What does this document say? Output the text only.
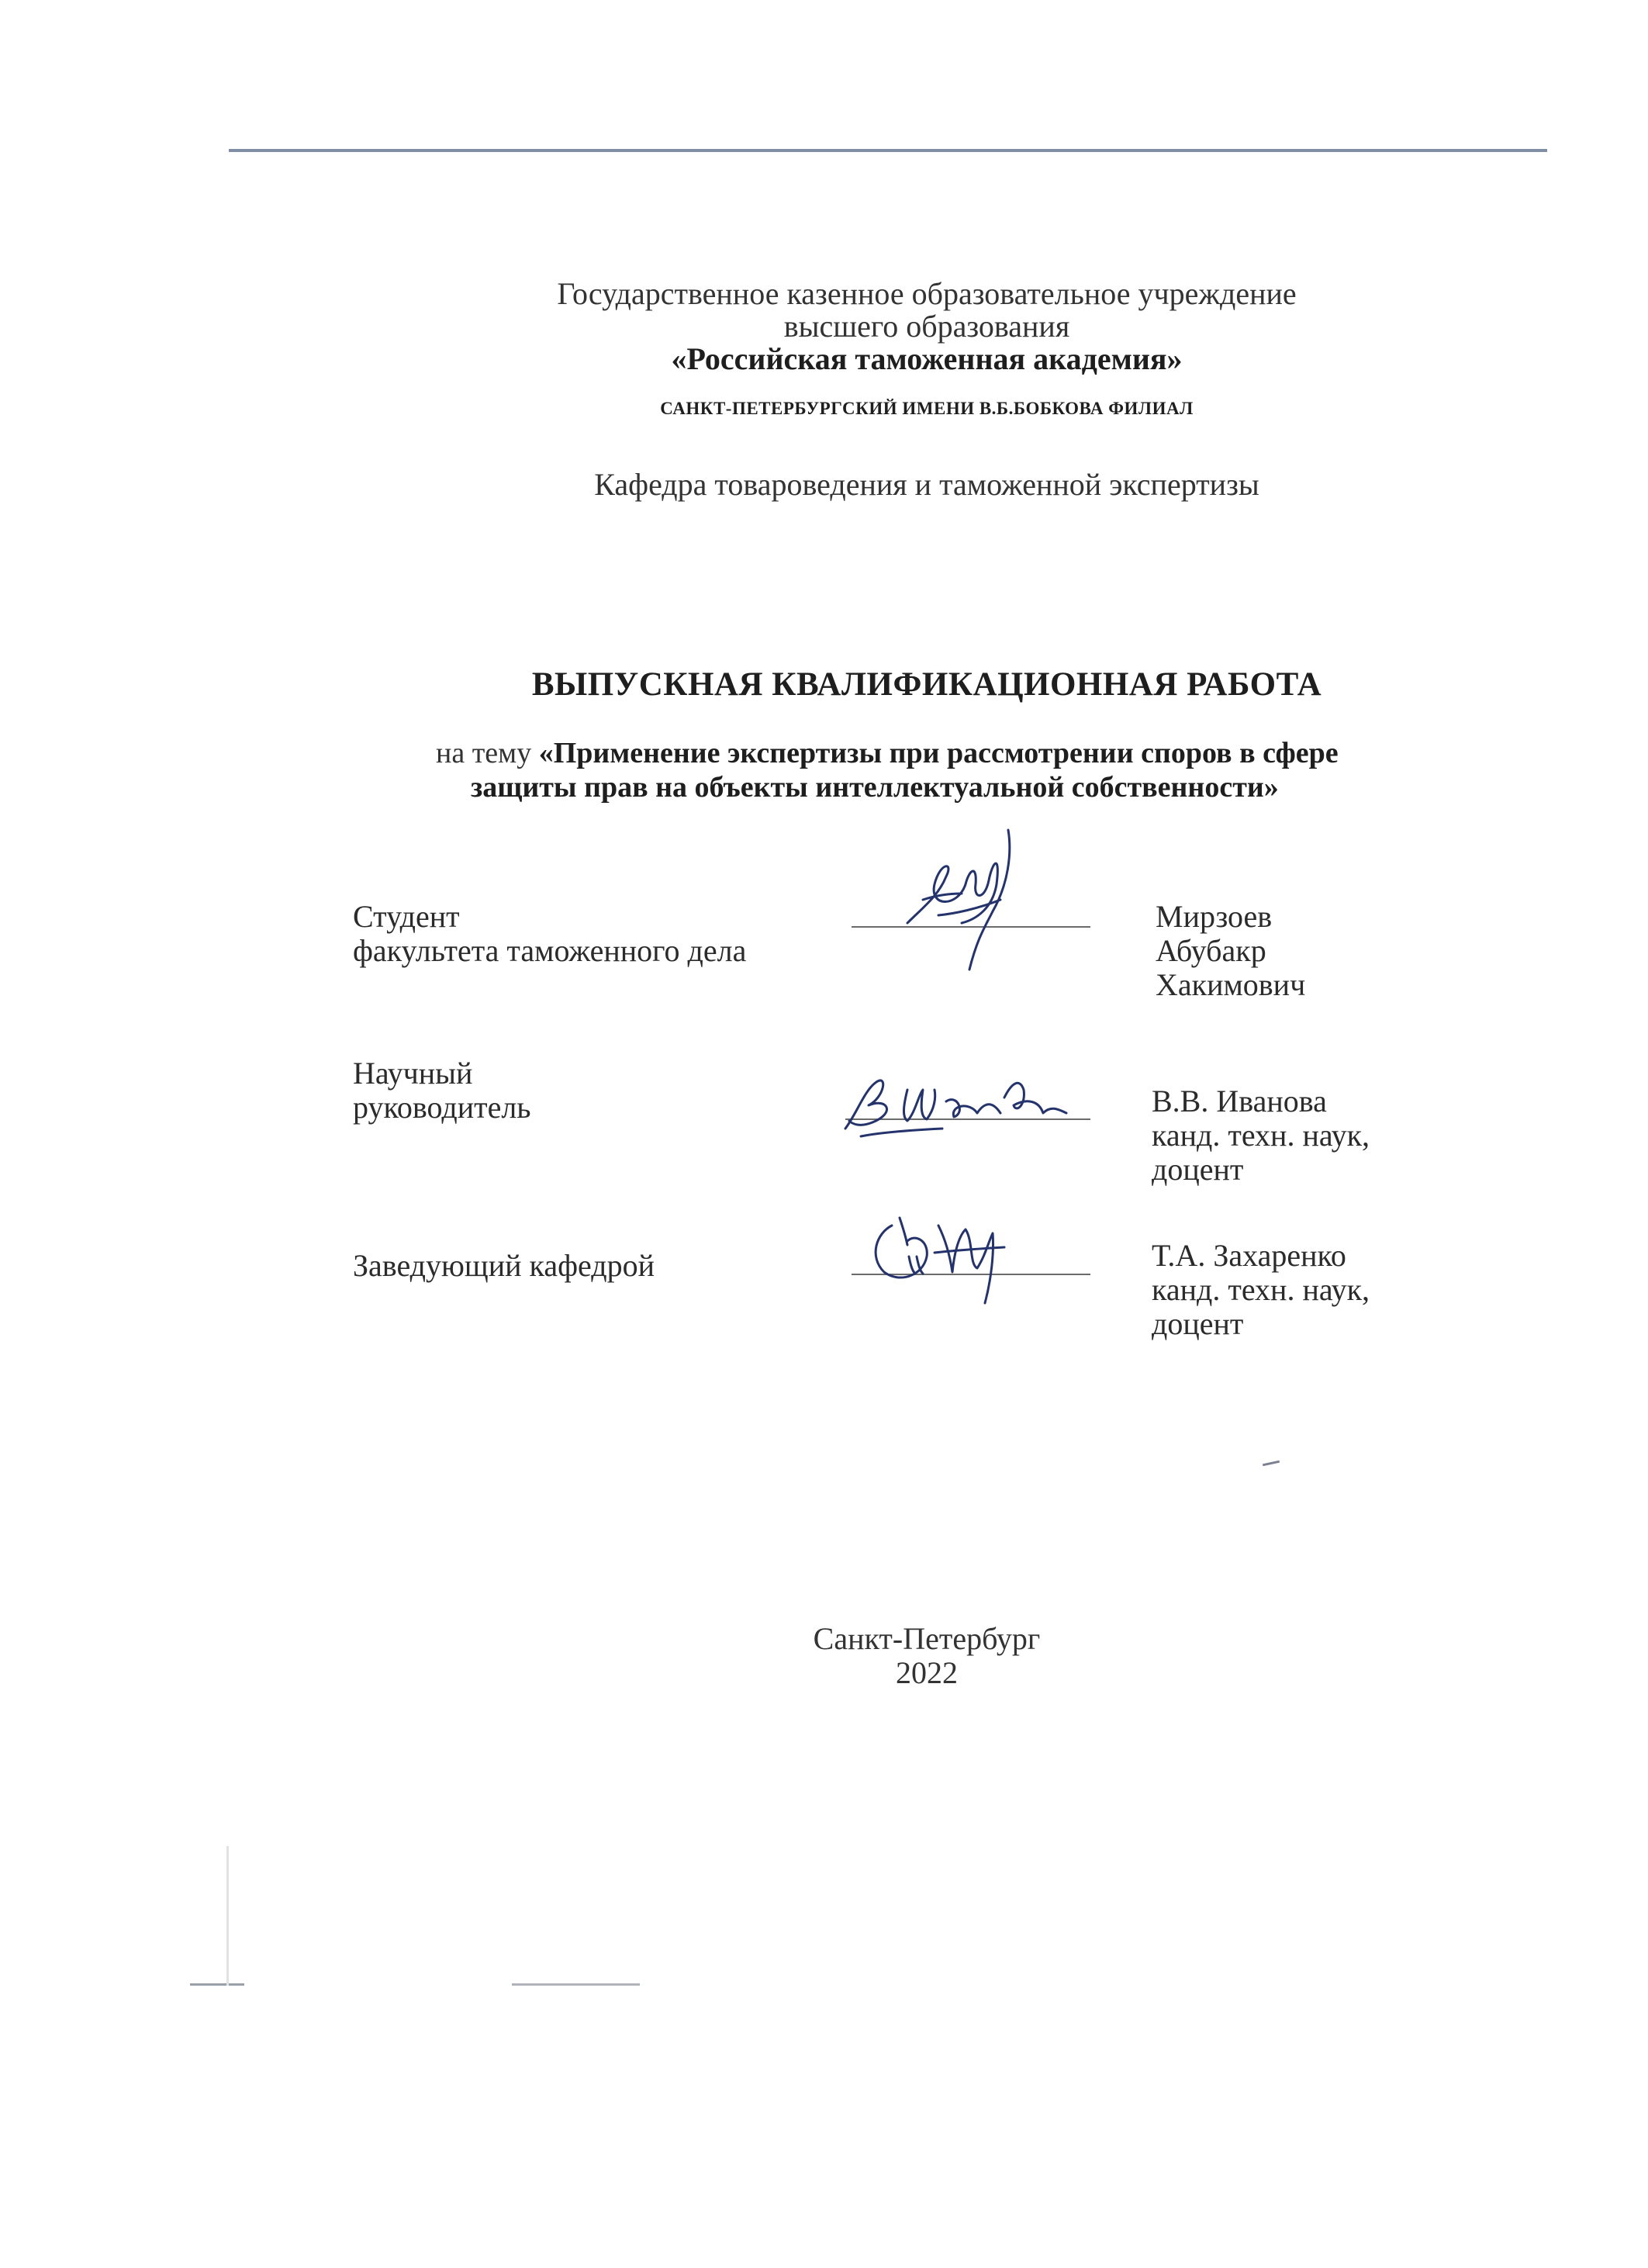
Государственное казенное образовательное учреждение
высшего образования
«Российская таможенная академия»
САНКТ-ПЕТЕРБУРГСКИЙ ИМЕНИ В.Б.БОБКОВА ФИЛИАЛ
Кафедра товароведения и таможенной экспертизы
ВЫПУСКНАЯ КВАЛИФИКАЦИОННАЯ РАБОТА
на тему «Применение экспертизы при рассмотрении споров в сфере
защиты прав на объекты интеллектуальной собственности»
Студент
факультета таможенного дела
Мирзоев
Абубакр
Хакимович
Научный
руководитель	В.В. Иванова
канд. техн. наук,
доцент
Заведующий кафедрой	Т.А. Захаренко
канд. техн. наук,
доцент
Санкт-Петербург
2022
